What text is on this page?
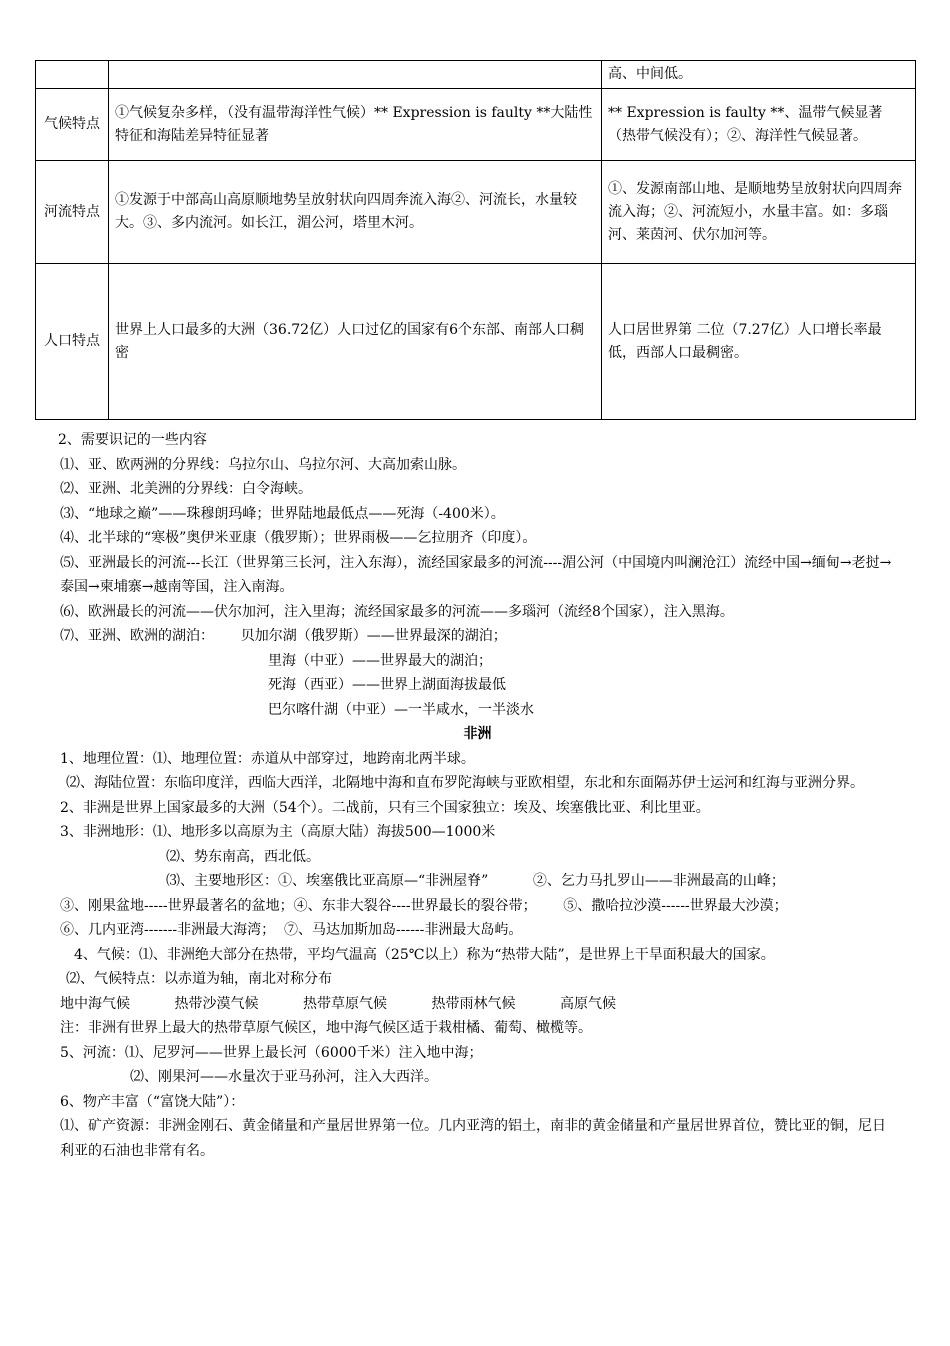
		高、中间低。
气候特点	①气候复杂多样，（没有温带海洋性气候）** Expression is faulty **大陆性特征和海陆差异特征显著	** Expression is faulty **、温带气候显著（热带气候没有）；②、海洋性气候显著。
河流特点	①发源于中部高山高原顺地势呈放射状向四周奔流入海②、河流长，水量较大。③、多内流河。如长江，湄公河，塔里木河。	①、发源南部山地、是顺地势呈放射状向四周奔流入海；②、河流短小，水量丰富。如：多瑙河、莱茵河、伏尔加河等。
人口特点	世界上人口最多的大洲（36.72亿）人口过亿的国家有6个东部、南部人口稠密	人口居世界第 二位（7.27亿）人口增长率最低，西部人口最稠密。

2、需要识记的一些内容

⑴、亚、欧两洲的分界线：乌拉尔山、乌拉尔河、大高加索山脉。

⑵、亚洲、北美洲的分界线：白令海峡。

⑶、“地球之巅”——珠穆朗玛峰；世界陆地最低点——死海（-400米）。

⑷、北半球的“寒极”奥伊米亚康（俄罗斯）；世界雨极——乞拉朋齐（印度）。

⑸、亚洲最长的河流---长江（世界第三长河，注入东海），流经国家最多的河流----湄公河（中国境内叫澜沧江）流经中国→缅甸→老挝→泰国→柬埔寨→越南等国，注入南海。

⑹、欧洲最长的河流——伏尔加河，注入里海；流经国家最多的河流——多瑙河（流经8个国家），注入黑海。

⑺、亚洲、欧洲的湖泊：      贝加尔湖（俄罗斯）——世界最深的湖泊；

里海（中亚）——世界最大的湖泊；

死海（西亚）——世界上湖面海拔最低

巴尔喀什湖（中亚）—一半咸水，一半淡水

非洲

1、地理位置：⑴、地理位置：赤道从中部穿过，地跨南北两半球。

⑵、海陆位置：东临印度洋，西临大西洋，北隔地中海和直布罗陀海峡与亚欧相望，东北和东面隔苏伊士运河和红海与亚洲分界。

2、非洲是世界上国家最多的大洲（54个）。二战前，只有三个国家独立：埃及、埃塞俄比亚、利比里亚。

3、非洲地形：⑴、地形多以高原为主（高原大陆）海拔500—1000米

⑵、势东南高，西北低。

⑶、主要地形区：①、埃塞俄比亚高原—“非洲屋脊”          ②、乞力马扎罗山——非洲最高的山峰；

③、刚果盆地-----世界最著名的盆地；④、东非大裂谷----世界最长的裂谷带；      ⑤、撒哈拉沙漠------世界最大沙漠；

⑥、几内亚湾-------非洲最大海湾；  ⑦、马达加斯加岛------非洲最大岛屿。

4、气候：⑴、非洲绝大部分在热带，平均气温高（25℃以上）称为“热带大陆”，是世界上干旱面积最大的国家。

⑵、气候特点：以赤道为轴，南北对称分布

地中海气候          热带沙漠气候          热带草原气候          热带雨林气候          高原气候

注：非洲有世界上最大的热带草原气候区，地中海气候区适于栽柑橘、葡萄、橄榄等。

5、河流：⑴、尼罗河——世界上最长河（6000千米）注入地中海；

⑵、刚果河——水量次于亚马孙河，注入大西洋。

6、物产丰富（“富饶大陆”）：

⑴、矿产资源：非洲金刚石、黄金储量和产量居世界第一位。几内亚湾的铝土，南非的黄金储量和产量居世界首位，赞比亚的铜，尼日利亚的石油也非常有名。
